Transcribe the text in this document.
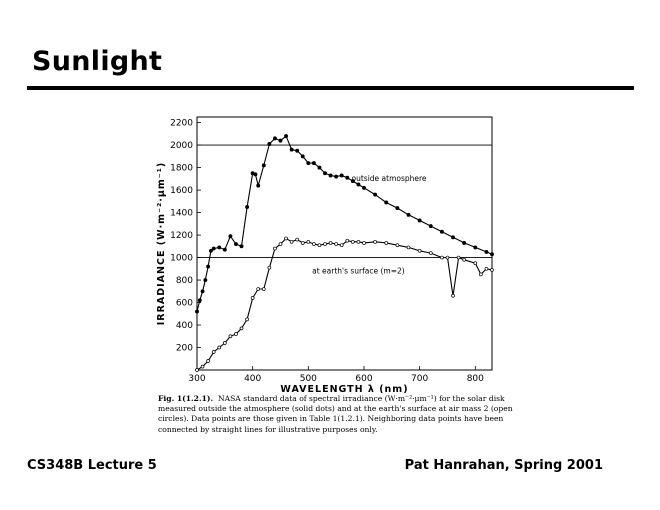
Sunlight
200
400
600
800
1000
1200
1400
1600
1800
2000
2200
300	400	500	600	700	800
WAVELENGTH λ (nm)
IRRADIANCE (W·m⁻²·μm⁻¹)	outside atmosphere
at earth's surface (m=2)
Fig. 1(1.2.1). NASA standard data of spectral irradiance (W·m⁻²·μm⁻¹) for the solar disk measured outside the atmosphere (solid dots) and at the earth's surface at air mass 2 (open circles). Data points are those given in Table 1(1.2.1). Neighboring data points have been connected by straight lines for illustrative purposes only.
CS348B Lecture 5	Pat Hanrahan, Spring 2001
